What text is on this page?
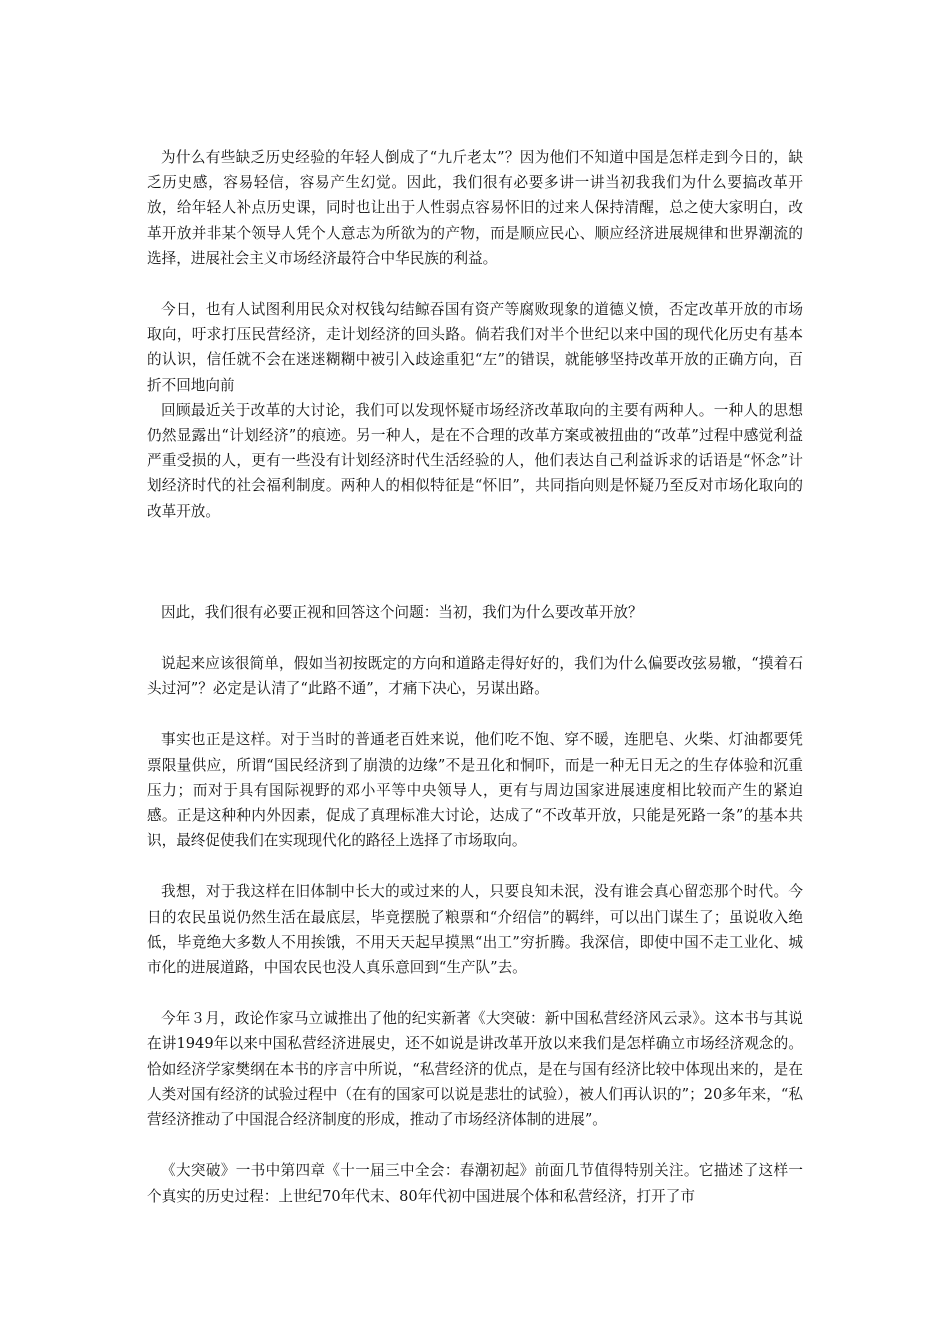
为什么有些缺乏历史经验的年轻人倒成了“九斤老太”？因为他们不知道中国是怎样走到今日的，缺乏历史感，容易轻信，容易产生幻觉。因此，我们很有必要多讲一讲当初我我们为什么要搞改革开放，给年轻人补点历史课，同时也让出于人性弱点容易怀旧的过来人保持清醒，总之使大家明白，改革开放并非某个领导人凭个人意志为所欲为的产物，而是顺应民心、顺应经济进展规律和世界潮流的选择，进展社会主义市场经济最符合中华民族的利益。

今日，也有人试图利用民众对权钱勾结鲸吞国有资产等腐败现象的道德义愤，否定改革开放的市场取向，吁求打压民营经济，走计划经济的回头路。倘若我们对半个世纪以来中国的现代化历史有基本的认识，信任就不会在迷迷糊糊中被引入歧途重犯“左”的错误，就能够坚持改革开放的正确方向，百折不回地向前

回顾最近关于改革的大讨论，我们可以发现怀疑市场经济改革取向的主要有两种人。一种人的思想仍然显露出“计划经济”的痕迹。另一种人，是在不合理的改革方案或被扭曲的“改革”过程中感觉利益严重受损的人，更有一些没有计划经济时代生活经验的人，他们表达自己利益诉求的话语是“怀念”计划经济时代的社会福利制度。两种人的相似特征是“怀旧”，共同指向则是怀疑乃至反对市场化取向的改革开放。

因此，我们很有必要正视和回答这个问题：当初，我们为什么要改革开放？

说起来应该很简单，假如当初按既定的方向和道路走得好好的，我们为什么偏要改弦易辙，“摸着石头过河”？必定是认清了“此路不通”，才痛下决心，另谋出路。

事实也正是这样。对于当时的普通老百姓来说，他们吃不饱、穿不暖，连肥皂、火柴、灯油都要凭票限量供应，所谓“国民经济到了崩溃的边缘”不是丑化和恫吓，而是一种无日无之的生存体验和沉重压力；而对于具有国际视野的邓小平等中央领导人，更有与周边国家进展速度相比较而产生的紧迫感。正是这种种内外因素，促成了真理标准大讨论，达成了“不改革开放，只能是死路一条”的基本共识，最终促使我们在实现现代化的路径上选择了市场取向。

我想，对于我这样在旧体制中长大的或过来的人，只要良知未泯，没有谁会真心留恋那个时代。今日的农民虽说仍然生活在最底层，毕竟摆脱了粮票和“介绍信”的羁绊，可以出门谋生了；虽说收入绝低，毕竟绝大多数人不用挨饿，不用天天起早摸黑“出工”穷折腾。我深信，即使中国不走工业化、城市化的进展道路，中国农民也没人真乐意回到“生产队”去。

今年３月，政论作家马立诚推出了他的纪实新著《大突破：新中国私营经济风云录》。这本书与其说在讲1949年以来中国私营经济进展史，还不如说是讲改革开放以来我们是怎样确立市场经济观念的。恰如经济学家樊纲在本书的序言中所说，“私营经济的优点，是在与国有经济比较中体现出来的，是在人类对国有经济的试验过程中（在有的国家可以说是悲壮的试验），被人们再认识的”；20多年来，“私营经济推动了中国混合经济制度的形成，推动了市场经济体制的进展”。

《大突破》一书中第四章《十一届三中全会：春潮初起》前面几节值得特别关注。它描述了这样一个真实的历史过程：上世纪70年代末、80年代初中国进展个体和私营经济，打开了市
